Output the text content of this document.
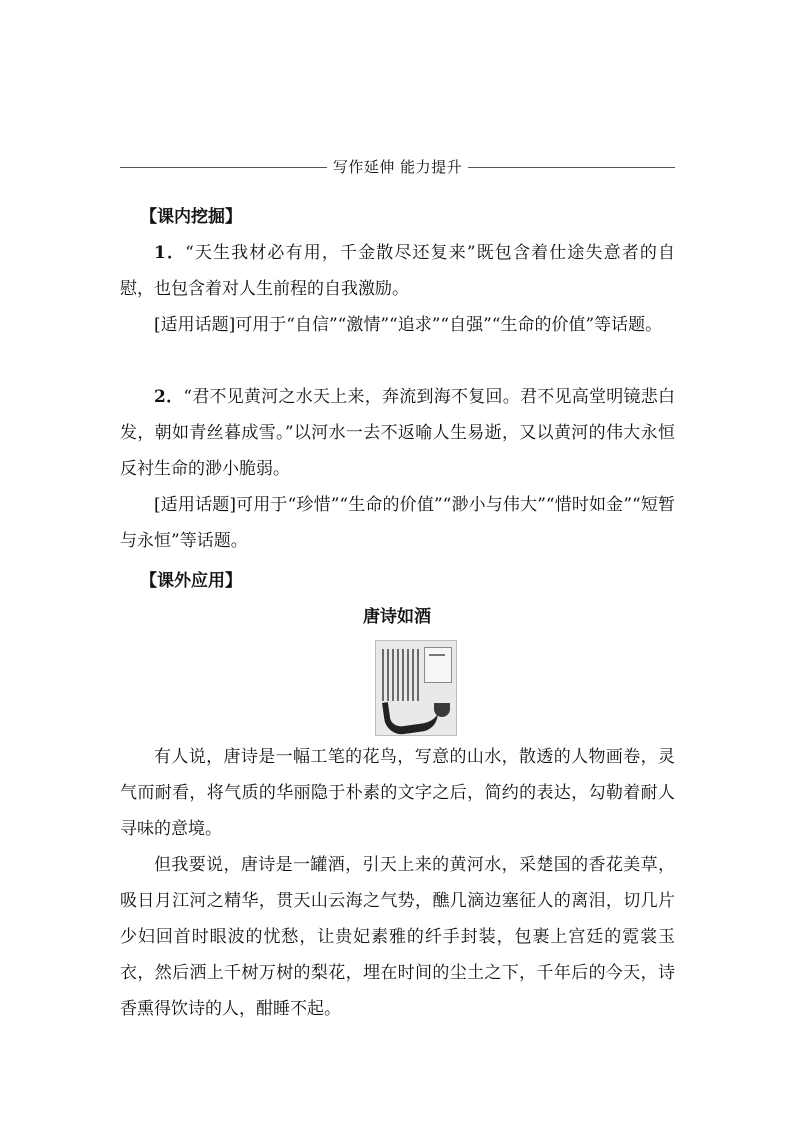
写作延伸 能力提升
【课内挖掘】

1．“天生我材必有用，千金散尽还复来”既包含着仕途失意者的自慰，也包含着对人生前程的自我激励。

[适用话题]可用于“自信”“激情”“追求”“自强”“生命的价值”等话题。

2．“君不见黄河之水天上来，奔流到海不复回。君不见高堂明镜悲白发，朝如青丝暮成雪。”以河水一去不返喻人生易逝，又以黄河的伟大永恒反衬生命的渺小脆弱。

[适用话题]可用于“珍惜”“生命的价值”“渺小与伟大”“惜时如金”“短暂与永恒”等话题。

【课外应用】
唐诗如酒

有人说，唐诗是一幅工笔的花鸟，写意的山水，散透的人物画卷，灵气而耐看，将气质的华丽隐于朴素的文字之后，简约的表达，勾勒着耐人寻味的意境。

但我要说，唐诗是一罐酒，引天上来的黄河水，采楚国的香花美草，吸日月江河之精华，贯天山云海之气势，醮几滴边塞征人的离泪，切几片少妇回首时眼波的忧愁，让贵妃素雅的纤手封装，包裹上宫廷的霓裳玉衣，然后洒上千树万树的梨花，埋在时间的尘土之下，千年后的今天，诗香熏得饮诗的人，酣睡不起。
